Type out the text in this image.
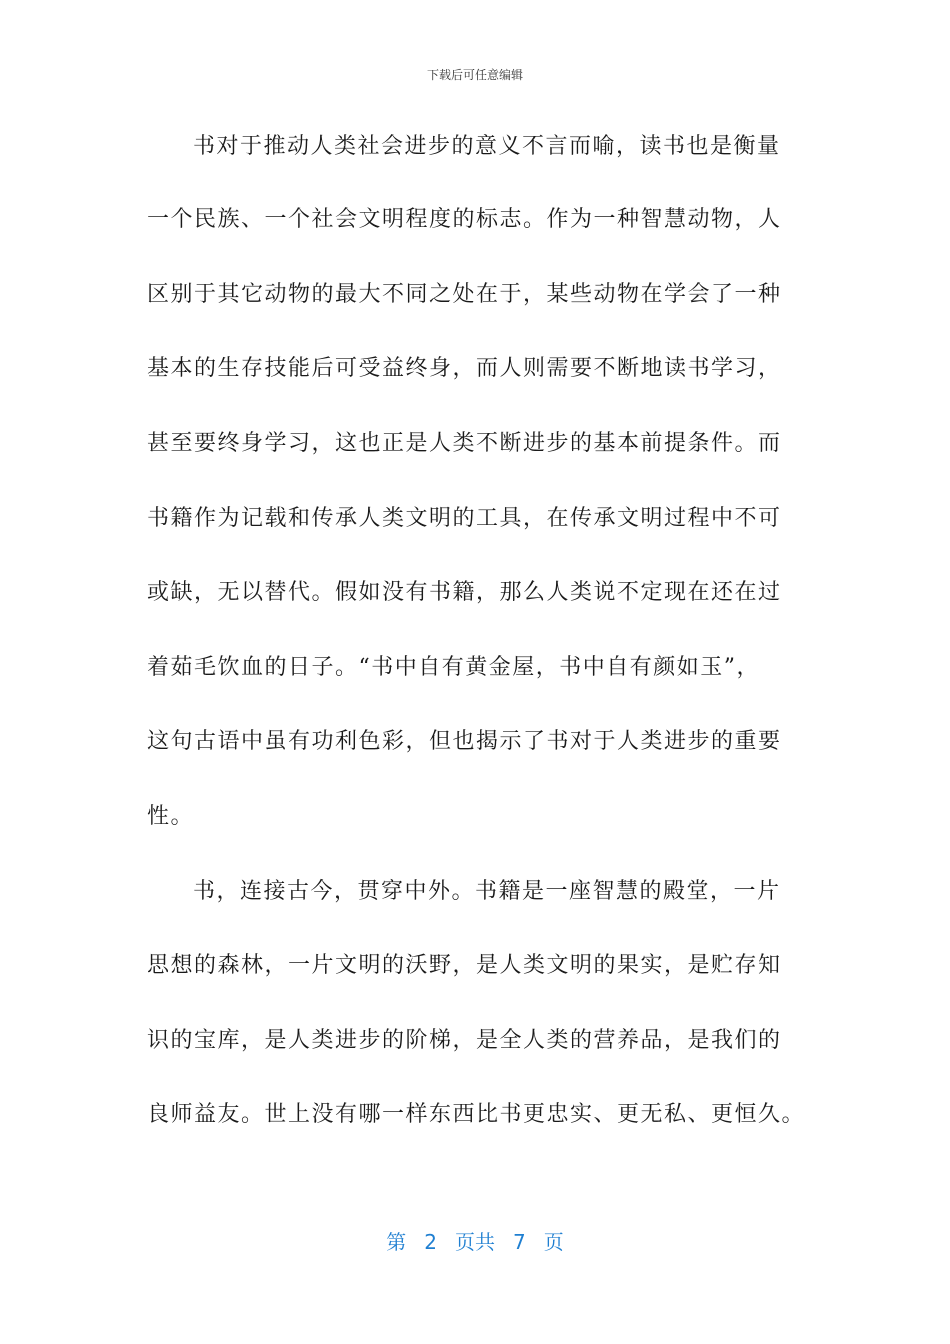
下载后可任意编辑
书对于推动人类社会进步的意义不言而喻，读书也是衡量
一个民族、一个社会文明程度的标志。作为一种智慧动物，人
区别于其它动物的最大不同之处在于，某些动物在学会了一种
基本的生存技能后可受益终身，而人则需要不断地读书学习，
甚至要终身学习，这也正是人类不断进步的基本前提条件。而
书籍作为记载和传承人类文明的工具，在传承文明过程中不可
或缺，无以替代。假如没有书籍，那么人类说不定现在还在过
着茹毛饮血的日子。“书中自有黄金屋，书中自有颜如玉”，
这句古语中虽有功利色彩，但也揭示了书对于人类进步的重要
性。
书，连接古今，贯穿中外。书籍是一座智慧的殿堂，一片
思想的森林，一片文明的沃野，是人类文明的果实，是贮存知
识的宝库，是人类进步的阶梯，是全人类的营养品，是我们的
良师益友。世上没有哪一样东西比书更忠实、更无私、更恒久。
第 2 页共 7 页
